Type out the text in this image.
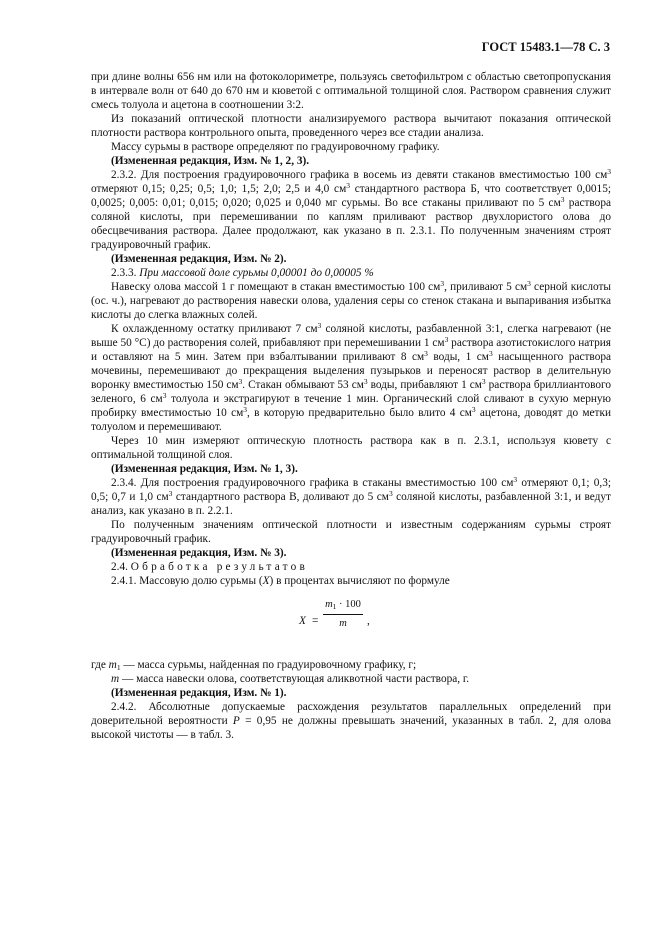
ГОСТ 15483.1—78 С. 3

при длине волны 656 нм или на фотоколориметре, пользуясь светофильтром с областью светопропускания в интервале волн от 640 до 670 нм и кюветой с оптимальной толщиной слоя. Раствором сравнения служит смесь толуола и ацетона в соотношении 3:2.

Из показаний оптической плотности анализируемого раствора вычитают показания оптической плотности раствора контрольного опыта, проведенного через все стадии анализа.

Массу сурьмы в растворе определяют по градуировочному графику.

(Измененная редакция, Изм. № 1, 2, 3).

2.3.2. Для построения градуировочного графика в восемь из девяти стаканов вместимостью 100 $см^3$ отмеряют 0,15; 0,25; 0,5; 1,0; 1,5; 2,0; 2,5 и 4,0 $см^3$ стандартного раствора Б, что соответствует 0,0015; 0,0025; 0,005: 0,01; 0,015; 0,020; 0,025 и 0,040 мг сурьмы. Во все стаканы приливают по 5 $см^3$ раствора соляной кислоты, при перемешивании по каплям приливают раствор двухлористого олова до обесцвечивания раствора. Далее продолжают, как указано в п. 2.3.1. По полученным значениям строят градуировочный график.

(Измененная редакция, Изм. № 2).

2.3.3. При массовой доле сурьмы 0,00001 до 0,00005 %

Навеску олова массой 1 г помещают в стакан вместимостью 100 $см^3$, приливают 5 $см^3$ серной кислоты (ос. ч.), нагревают до растворения навески олова, удаления серы со стенок стакана и выпаривания избытка кислоты до слегка влажных солей.

К охлажденному остатку приливают 7 $см^3$ соляной кислоты, разбавленной 3:1, слегка нагревают (не выше 50 °С) до растворения солей, прибавляют при перемешивании 1 $см^3$ раствора азотистокислого натрия и оставляют на 5 мин. Затем при взбалтывании приливают 8 $см^3$ воды, 1 $см^3$ насыщенного раствора мочевины, перемешивают до прекращения выделения пузырьков и переносят раствор в делительную воронку вместимостью 150 $см^3$. Стакан обмывают 53 $см^3$ воды, прибавляют 1 $см^3$ раствора бриллиантового зеленого, 6 $см^3$ толуола и экстрагируют в течение 1 мин. Органический слой сливают в сухую мерную пробирку вместимостью 10 $см^3$, в которую предварительно было влито 4 $см^3$ ацетона, доводят до метки толуолом и перемешивают.

Через 10 мин измеряют оптическую плотность раствора как в п. 2.3.1, используя кювету с оптимальной толщиной слоя.

(Измененная редакция, Изм. № 1, 3).

2.3.4. Для построения градуировочного графика в стаканы вместимостью 100 $см^3$ отмеряют 0,1; 0,3; 0,5; 0,7 и 1,0 $см^3$ стандартного раствора В, доливают до 5 $см^3$ соляной кислоты, разбавленной 3:1, и ведут анализ, как указано в п. 2.2.1.

По полученным значениям оптической плотности и известным содержаниям сурьмы строят градуировочный график.

(Измененная редакция, Изм. № 3).

2.4. Обработка результатов

2.4.1. Массовую долю сурьмы (X) в процентах вычисляют по формуле

$X = \frac{m_1 \cdot 100}{m}$ ,

где $m_1$ — масса сурьмы, найденная по градуировочному графику, г;

m — масса навески олова, соответствующая аликвотной части раствора, г.

(Измененная редакция, Изм. № 1).

2.4.2. Абсолютные допускаемые расхождения результатов параллельных определений при доверительной вероятности P = 0,95 не должны превышать значений, указанных в табл. 2, для олова высокой чистоты — в табл. 3.
